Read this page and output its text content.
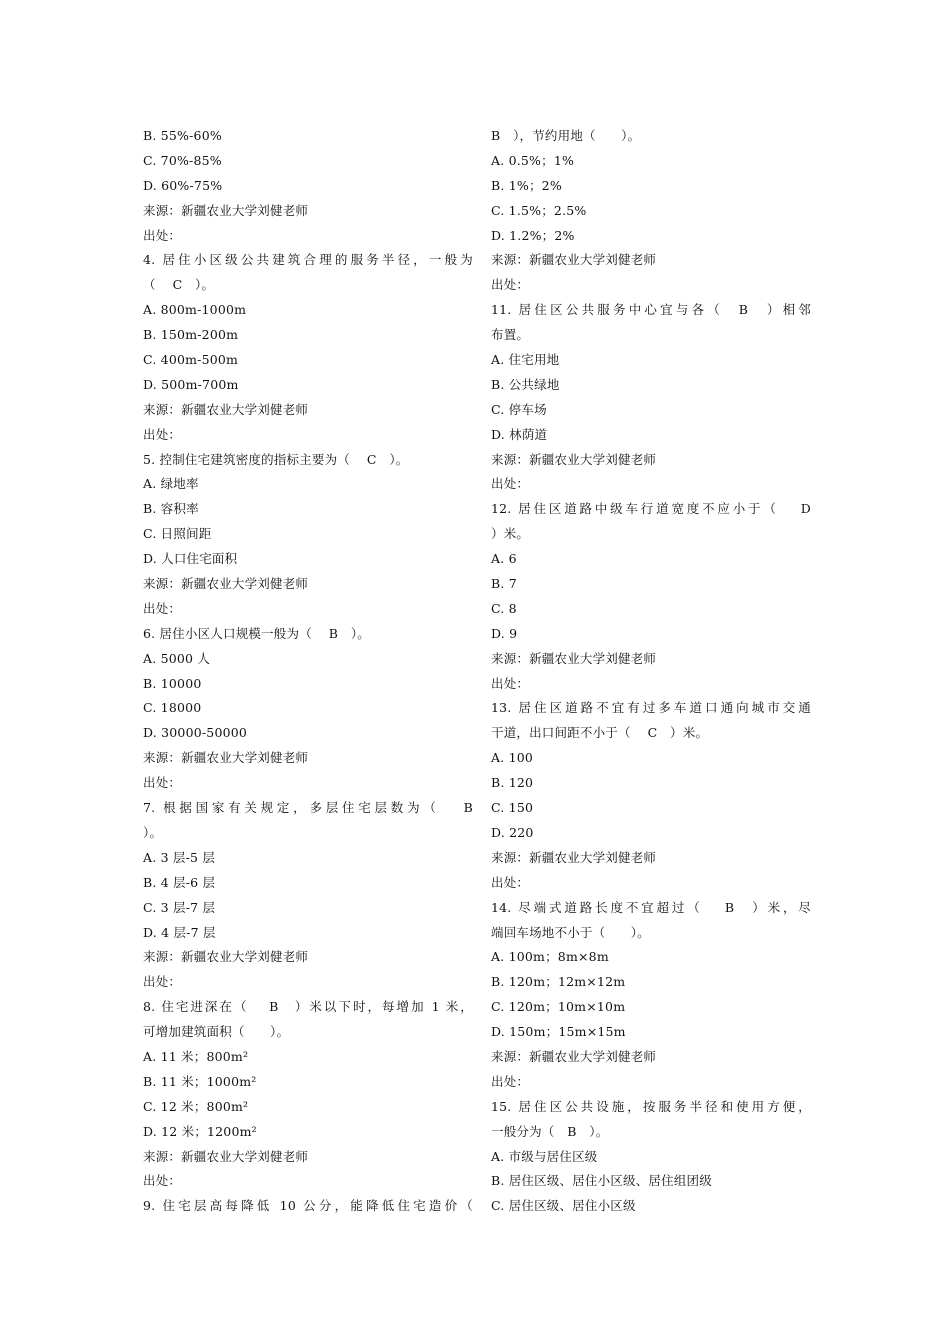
B. 55%-60%
C. 70%-85%
D. 60%-75%
来源：新疆农业大学刘健老师
出处：
4. 居住小区级公共建筑合理的服务半径，一般为
（　 C　）。
A. 800m-1000m
B. 150m-200m
C. 400m-500m
D. 500m-700m
来源：新疆农业大学刘健老师
出处：
5. 控制住宅建筑密度的指标主要为（　 C　）。
A. 绿地率
B. 容积率
C. 日照间距
D. 人口住宅面积
来源：新疆农业大学刘健老师
出处：
6. 居住小区人口规模一般为（　 B　）。
A. 5000 人
B. 10000
C. 18000
D. 30000-50000
来源：新疆农业大学刘健老师
出处：
7. 根据国家有关规定，多层住宅层数为（　 B
）。
A. 3 层-5 层
B. 4 层-6 层
C. 3 层-7 层
D. 4 层-7 层
来源：新疆农业大学刘健老师
出处：
8. 住宅进深在（　 B　）米以下时，每增加 1 米，
可增加建筑面积（　　）。
A. 11 米；800m²
B. 11 米；1000m²
C. 12 米；800m²
D. 12 米；1200m²
来源：新疆农业大学刘健老师
出处：
9. 住宅层高每降低 10 公分，能降低住宅造价（
B　），节约用地（　　）。
A. 0.5%；1%
B. 1%；2%
C. 1.5%；2.5%
D. 1.2%；2%
来源：新疆农业大学刘健老师
出处：
11. 居住区公共服务中心宜与各（　B　）相邻
布置。
A. 住宅用地
B. 公共绿地
C. 停车场
D. 林荫道
来源：新疆农业大学刘健老师
出处：
12. 居住区道路中级车行道宽度不应小于（　 D
）米。
A. 6
B. 7
C. 8
D. 9
来源：新疆农业大学刘健老师
出处：
13. 居住区道路不宜有过多车道口通向城市交通
干道，出口间距不小于（　 C　）米。
A. 100
B. 120
C. 150
D. 220
来源：新疆农业大学刘健老师
出处：
14. 尽端式道路长度不宜超过（　 B　）米，尽
端回车场地不小于（　　）。
A. 100m；8m×8m
B. 120m；12m×12m
C. 120m；10m×10m
D. 150m；15m×15m
来源：新疆农业大学刘健老师
出处：
15. 居住区公共设施，按服务半径和使用方便，
一般分为（　B　）。
A. 市级与居住区级
B. 居住区级、居住小区级、居住组团级
C. 居住区级、居住小区级
